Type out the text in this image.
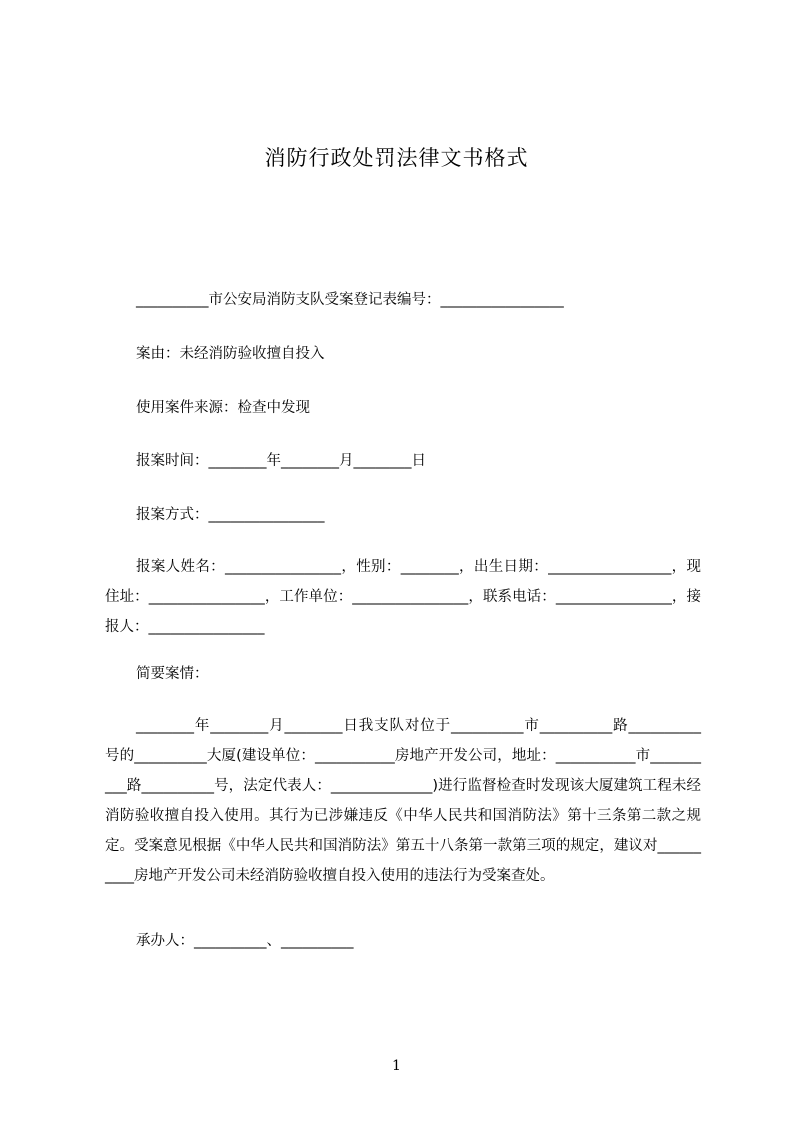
消防行政处罚法律文书格式
__________市公安局消防支队受案登记表编号：_________________
案由：未经消防验收擅自投入
使用案件来源：检查中发现
报案时间：________年________月________日
报案方式：________________

报案人姓名：________________，性别：________，出生日期：_________________，现住址：________________，工作单位：________________，联系电话：________________，接报人：________________

简要案情：

________年________月________日我支队对位于__________市__________路__________号的__________大厦(建设单位：___________房地产开发公司，地址：___________市__________路__________号，法定代表人：______________)进行监督检查时发现该大厦建筑工程未经消防验收擅自投入使用。其行为已涉嫌违反《中华人民共和国消防法》第十三条第二款之规定。受案意见根据《中华人民共和国消防法》第五十八条第一款第三项的规定，建议对__________房地产开发公司未经消防验收擅自投入使用的违法行为受案查处。

承办人：__________、__________
1
